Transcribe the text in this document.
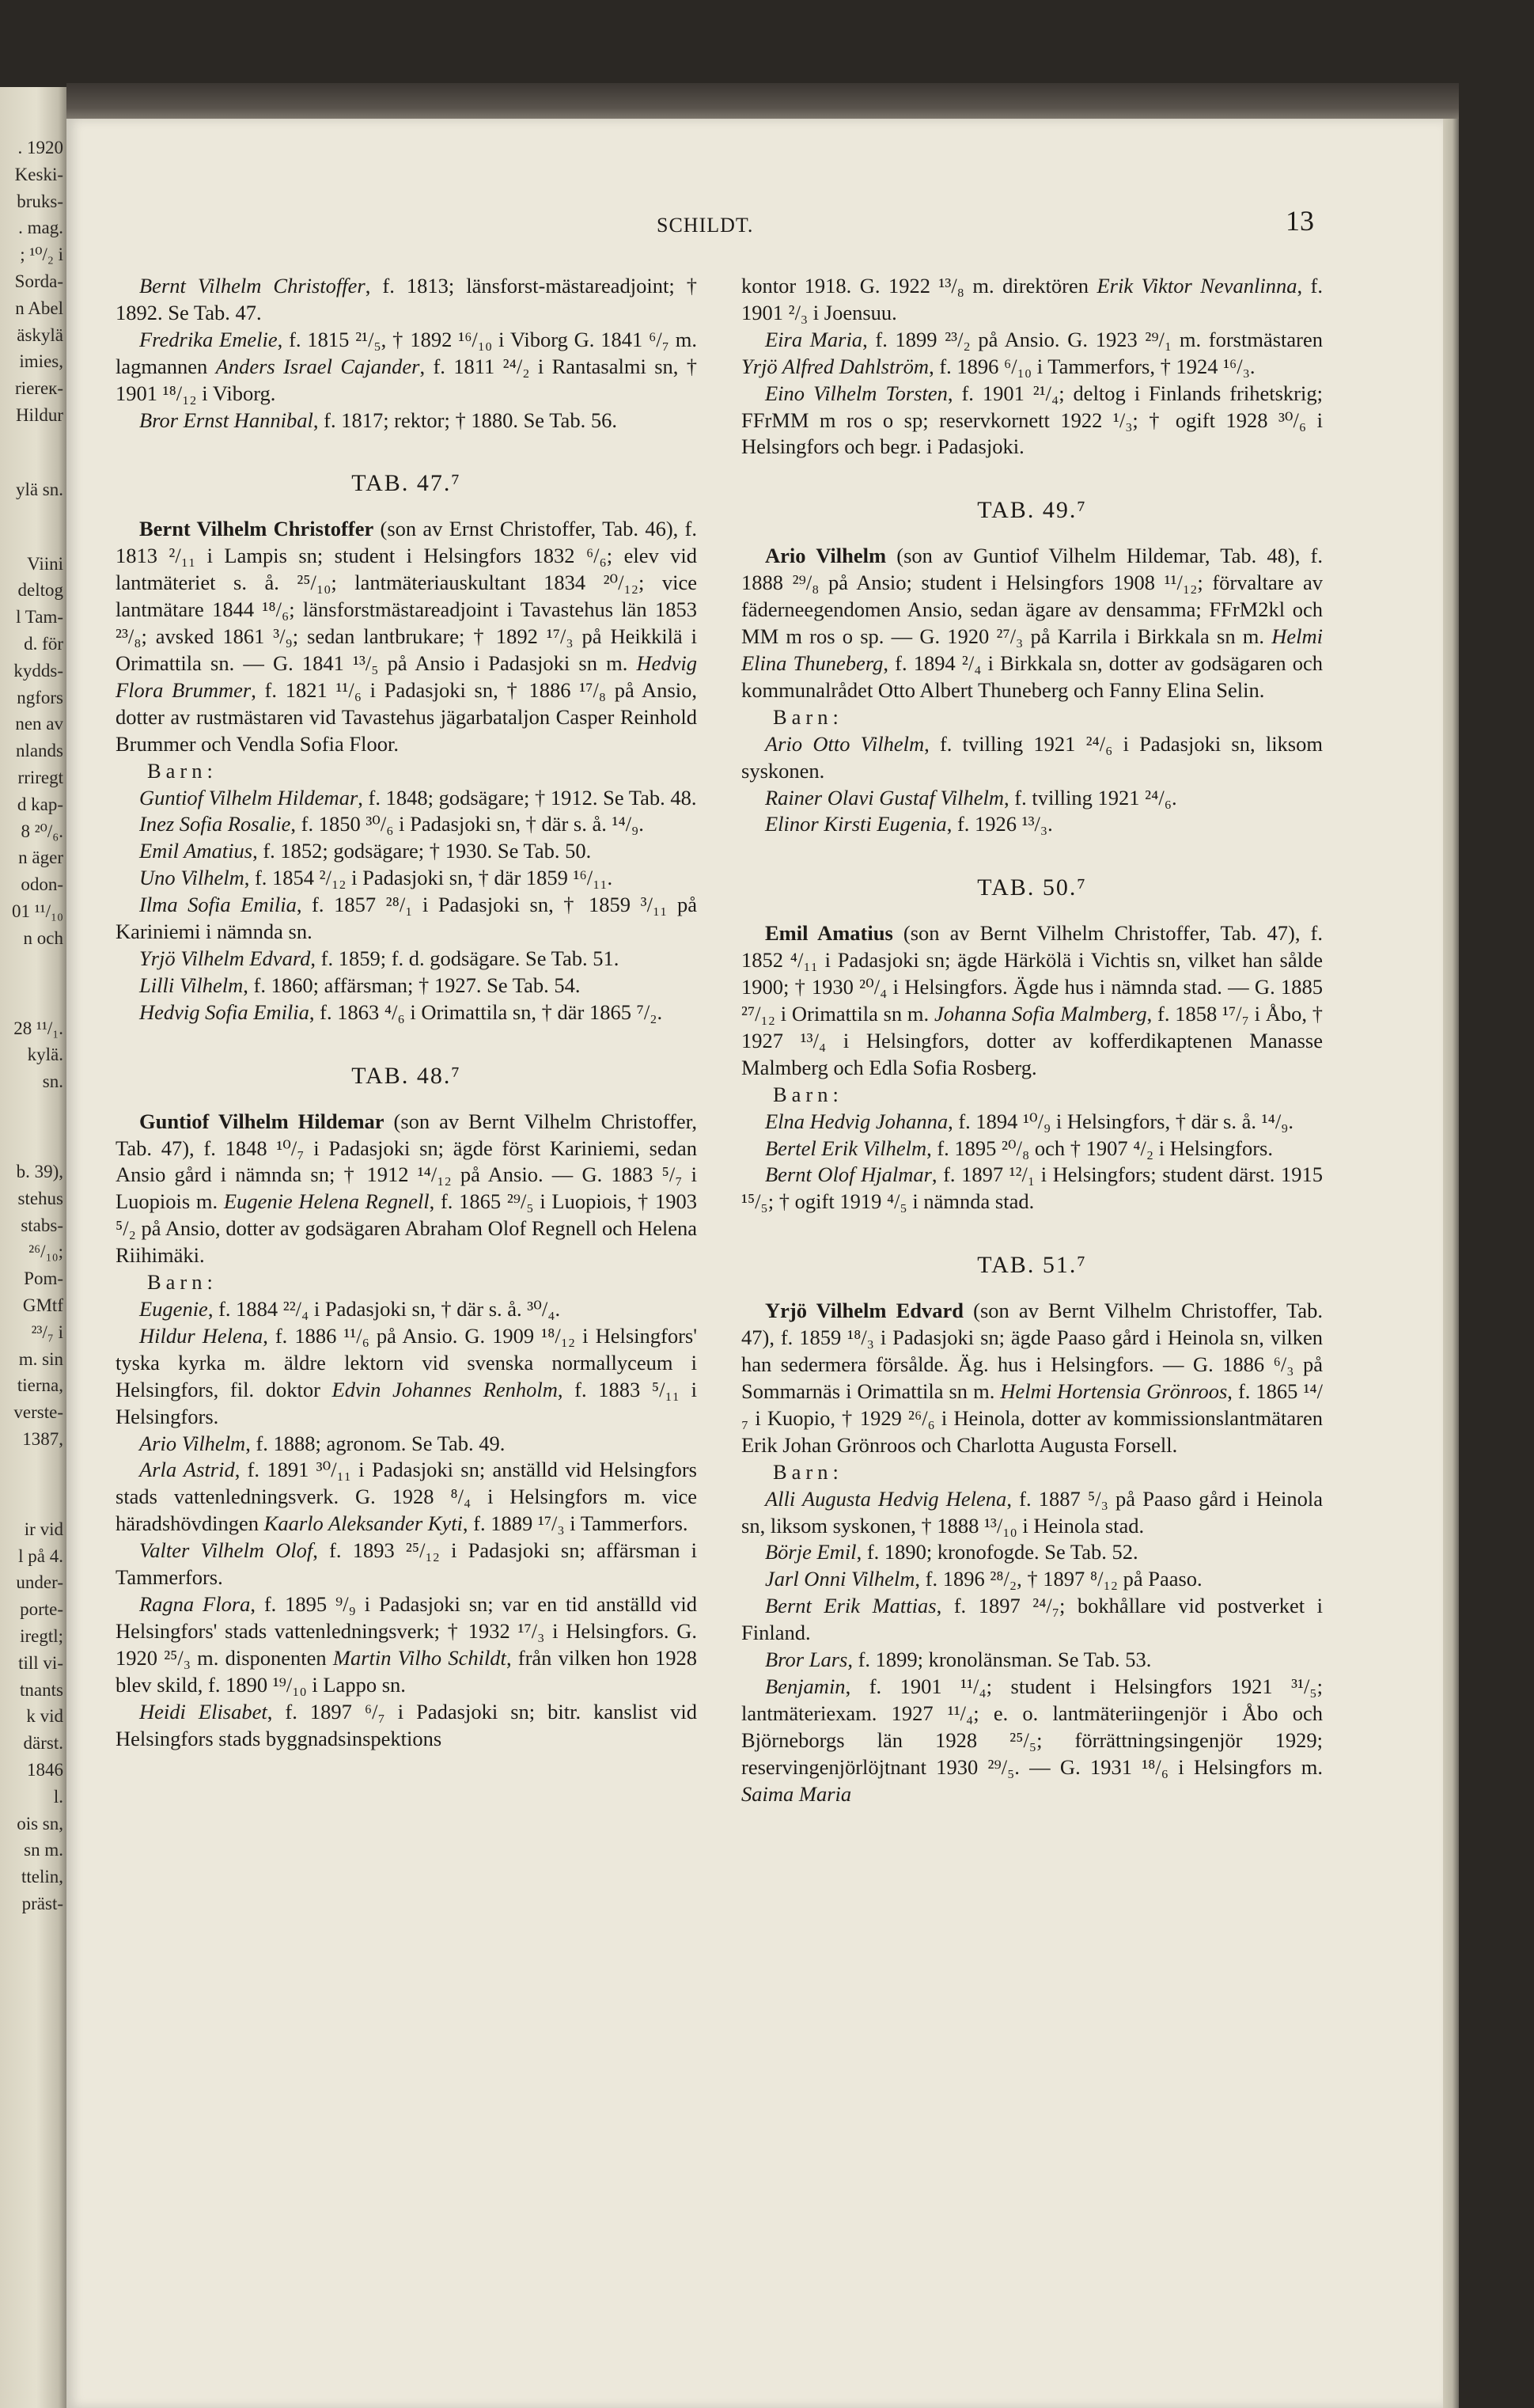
. 1920
Keski-
bruks-
. mag.
; ¹⁰/₂ i
Sorda-
n Abel
äskylä
imies,
riereк-
Hildur
ylä sn.
Viini
deltog
l Tam-
d. för
kydds-
ngfors
nen av
nlands
rriregt
d kap-
8 ²⁰/₆.
n äger
odon-
01 ¹¹/₁₀
n och
28 ¹¹/₁.
kylä.
sn.
b. 39),
stehus
stabs-
²⁶/₁₀;
Pom-
GMtf
²³/₇ i
m. sin
tierna,
verste-
1387,
ir vid
l på 4.
under-
porte-
iregtl;
till vi-
tnants
k vid
därst.
1846
l.
ois sn,
sn m.
ttelin,
präst-
SCHILDT.	13

Bernt Vilhelm Christoffer, f. 1813; länsforst-mästareadjoint; † 1892. Se Tab. 47.

Fredrika Emelie, f. 1815 ²¹/₅, † 1892 ¹⁶/₁₀ i Viborg G. 1841 ⁶/₇ m. lagmannen Anders Israel Cajander, f. 1811 ²⁴/₂ i Rantasalmi sn, † 1901 ¹⁸/₁₂ i Viborg.

Bror Ernst Hannibal, f. 1817; rektor; † 1880. Se Tab. 56.

TAB. 47.⁷

Bernt Vilhelm Christoffer (son av Ernst Christoffer, Tab. 46), f. 1813 ²/₁₁ i Lampis sn; student i Helsingfors 1832 ⁶/₆; elev vid lantmäteriet s. å. ²⁵/₁₀; lantmäteriauskultant 1834 ²⁰/₁₂; vice lantmätare 1844 ¹⁸/₆; länsforstmästareadjoint i Tavastehus län 1853 ²³/₈; avsked 1861 ³/₉; sedan lantbrukare; † 1892 ¹⁷/₃ på Heikkilä i Orimattila sn. — G. 1841 ¹³/₅ på Ansio i Padasjoki sn m. Hedvig Flora Brummer, f. 1821 ¹¹/₆ i Padasjoki sn, † 1886 ¹⁷/₈ på Ansio, dotter av rustmästaren vid Tavastehus jägarbataljon Casper Reinhold Brummer och Vendla Sofia Floor.

Barn:

Guntiof Vilhelm Hildemar, f. 1848; godsägare; † 1912. Se Tab. 48.

Inez Sofia Rosalie, f. 1850 ³⁰/₆ i Padasjoki sn, † där s. å. ¹⁴/₉.

Emil Amatius, f. 1852; godsägare; † 1930. Se Tab. 50.

Uno Vilhelm, f. 1854 ²/₁₂ i Padasjoki sn, † där 1859 ¹⁶/₁₁.

Ilma Sofia Emilia, f. 1857 ²⁸/₁ i Padasjoki sn, † 1859 ³/₁₁ på Kariniemi i nämnda sn.

Yrjö Vilhelm Edvard, f. 1859; f. d. godsägare. Se Tab. 51.

Lilli Vilhelm, f. 1860; affärsman; † 1927. Se Tab. 54.

Hedvig Sofia Emilia, f. 1863 ⁴/₆ i Orimattila sn, † där 1865 ⁷/₂.

TAB. 48.⁷

Guntiof Vilhelm Hildemar (son av Bernt Vilhelm Christoffer, Tab. 47), f. 1848 ¹⁰/₇ i Padasjoki sn; ägde först Kariniemi, sedan Ansio gård i nämnda sn; † 1912 ¹⁴/₁₂ på Ansio. — G. 1883 ⁵/₇ i Luopiois m. Eugenie Helena Regnell, f. 1865 ²⁹/₅ i Luopiois, † 1903 ⁵/₂ på Ansio, dotter av godsägaren Abraham Olof Regnell och Helena Riihimäki.

Barn:

Eugenie, f. 1884 ²²/₄ i Padasjoki sn, † där s. å. ³⁰/₄.

Hildur Helena, f. 1886 ¹¹/₆ på Ansio. G. 1909 ¹⁸/₁₂ i Helsingfors' tyska kyrka m. äldre lektorn vid svenska normallyceum i Helsingfors, fil. doktor Edvin Johannes Renholm, f. 1883 ⁵/₁₁ i Helsingfors.

Ario Vilhelm, f. 1888; agronom. Se Tab. 49.

Arla Astrid, f. 1891 ³⁰/₁₁ i Padasjoki sn; anställd vid Helsingfors stads vattenledningsverk. G. 1928 ⁸/₄ i Helsingfors m. vice häradshövdingen Kaarlo Aleksander Kyti, f. 1889 ¹⁷/₃ i Tammerfors.

Valter Vilhelm Olof, f. 1893 ²⁵/₁₂ i Padasjoki sn; affärsman i Tammerfors.

Ragna Flora, f. 1895 ⁹/₉ i Padasjoki sn; var en tid anställd vid Helsingfors' stads vattenledningsverk; † 1932 ¹⁷/₃ i Helsingfors. G. 1920 ²⁵/₃ m. disponenten Martin Vilho Schildt, från vilken hon 1928 blev skild, f. 1890 ¹⁹/₁₀ i Lappo sn.

Heidi Elisabet, f. 1897 ⁶/₇ i Padasjoki sn; bitr. kanslist vid Helsingfors stads byggnadsinspektions

kontor 1918. G. 1922 ¹³/₈ m. direktören Erik Viktor Nevanlinna, f. 1901 ²/₃ i Joensuu.

Eira Maria, f. 1899 ²³/₂ på Ansio. G. 1923 ²⁹/₁ m. forstmästaren Yrjö Alfred Dahlström, f. 1896 ⁶/₁₀ i Tammerfors, † 1924 ¹⁶/₃.

Eino Vilhelm Torsten, f. 1901 ²¹/₄; deltog i Finlands frihetskrig; FFrMM m ros o sp; reservkornett 1922 ¹/₃; † ogift 1928 ³⁰/₆ i Helsingfors och begr. i Padasjoki.

TAB. 49.⁷

Ario Vilhelm (son av Guntiof Vilhelm Hildemar, Tab. 48), f. 1888 ²⁹/₈ på Ansio; student i Helsingfors 1908 ¹¹/₁₂; förvaltare av fäderneegendomen Ansio, sedan ägare av densamma; FFrM2kl och MM m ros o sp. — G. 1920 ²⁷/₃ på Karrila i Birkkala sn m. Helmi Elina Thuneberg, f. 1894 ²/₄ i Birkkala sn, dotter av godsägaren och kommunalrådet Otto Albert Thuneberg och Fanny Elina Selin.

Barn:

Ario Otto Vilhelm, f. tvilling 1921 ²⁴/₆ i Padasjoki sn, liksom syskonen.

Rainer Olavi Gustaf Vilhelm, f. tvilling 1921 ²⁴/₆.

Elinor Kirsti Eugenia, f. 1926 ¹³/₃.

TAB. 50.⁷

Emil Amatius (son av Bernt Vilhelm Christoffer, Tab. 47), f. 1852 ⁴/₁₁ i Padasjoki sn; ägde Härkölä i Vichtis sn, vilket han sålde 1900; † 1930 ²⁰/₄ i Helsingfors. Ägde hus i nämnda stad. — G. 1885 ²⁷/₁₂ i Orimattila sn m. Johanna Sofia Malmberg, f. 1858 ¹⁷/₇ i Åbo, † 1927 ¹³/₄ i Helsingfors, dotter av kofferdikaptenen Manasse Malmberg och Edla Sofia Rosberg.

Barn:

Elna Hedvig Johanna, f. 1894 ¹⁰/₉ i Helsingfors, † där s. å. ¹⁴/₉.

Bertel Erik Vilhelm, f. 1895 ²⁰/₈ och † 1907 ⁴/₂ i Helsingfors.

Bernt Olof Hjalmar, f. 1897 ¹²/₁ i Helsingfors; student därst. 1915 ¹⁵/₅; † ogift 1919 ⁴/₅ i nämnda stad.

TAB. 51.⁷

Yrjö Vilhelm Edvard (son av Bernt Vilhelm Christoffer, Tab. 47), f. 1859 ¹⁸/₃ i Padasjoki sn; ägde Paaso gård i Heinola sn, vilken han sedermera försålde. Äg. hus i Helsingfors. — G. 1886 ⁶/₃ på Sommarnäs i Orimattila sn m. Helmi Hortensia Grönroos, f. 1865 ¹⁴/₇ i Kuopio, † 1929 ²⁶/₆ i Heinola, dotter av kommissionslantmätaren Erik Johan Grönroos och Charlotta Augusta Forsell.

Barn:

Alli Augusta Hedvig Helena, f. 1887 ⁵/₃ på Paaso gård i Heinola sn, liksom syskonen, † 1888 ¹³/₁₀ i Heinola stad.

Börje Emil, f. 1890; kronofogde. Se Tab. 52.

Jarl Onni Vilhelm, f. 1896 ²⁸/₂, † 1897 ⁸/₁₂ på Paaso.

Bernt Erik Mattias, f. 1897 ²⁴/₇; bokhållare vid postverket i Finland.

Bror Lars, f. 1899; kronolänsman. Se Tab. 53.

Benjamin, f. 1901 ¹¹/₄; student i Helsingfors 1921 ³¹/₅; lantmäteriexam. 1927 ¹¹/₄; e. o. lantmäteriingenjör i Åbo och Björneborgs län 1928 ²⁵/₅; förrättningsingenjör 1929; reservingenjörlöjtnant 1930 ²⁹/₅. — G. 1931 ¹⁸/₆ i Helsingfors m. Saima Maria
